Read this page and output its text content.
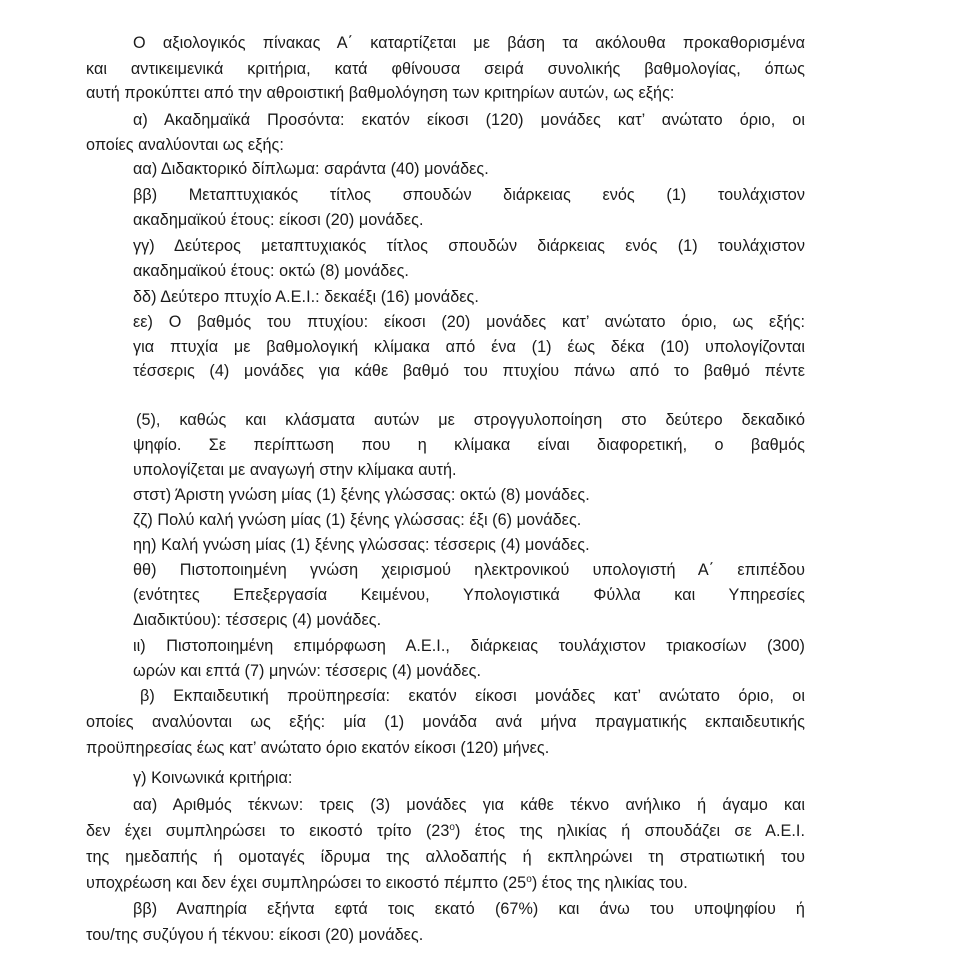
Ο αξιολογικός πίνακας Α΄ καταρτίζεται με βάση τα ακόλουθα προκαθορισμένα
και αντικειμενικά κριτήρια, κατά φθίνουσα σειρά συνολικής βαθμολογίας, όπως
αυτή προκύπτει από την αθροιστική βαθμολόγηση των κριτηρίων αυτών, ως εξής:
α) Ακαδημαϊκά Προσόντα: εκατόν είκοσι (120) μονάδες κατ’ ανώτατο όριο, οι
οποίες αναλύονται ως εξής:
αα) Διδακτορικό δίπλωμα: σαράντα (40) μονάδες.
ββ) Μεταπτυχιακός τίτλος σπουδών διάρκειας ενός (1) τουλάχιστον
ακαδημαϊκού έτους: είκοσι (20) μονάδες.
γγ) Δεύτερος μεταπτυχιακός τίτλος σπουδών διάρκειας ενός (1) τουλάχιστον
ακαδημαϊκού έτους: οκτώ (8) μονάδες.
δδ) Δεύτερο πτυχίο Α.Ε.Ι.: δεκαέξι (16) μονάδες.
εε) Ο βαθμός του πτυχίου: είκοσι (20) μονάδες κατ’ ανώτατο όριο, ως εξής:
για πτυχία με βαθμολογική κλίμακα από ένα (1) έως δέκα (10) υπολογίζονται
τέσσερις (4) μονάδες για κάθε βαθμό του πτυχίου πάνω από το βαθμό πέντε
(5), καθώς και κλάσματα αυτών με στρογγυλοποίηση στο δεύτερο δεκαδικό
ψηφίο. Σε περίπτωση που η κλίμακα είναι διαφορετική, ο βαθμός
υπολογίζεται με αναγωγή στην κλίμακα αυτή.
στστ) Άριστη γνώση μίας (1) ξένης γλώσσας: οκτώ (8) μονάδες.
ζζ) Πολύ καλή γνώση μίας (1) ξένης γλώσσας: έξι (6) μονάδες.
ηη) Καλή γνώση μίας (1) ξένης γλώσσας: τέσσερις (4) μονάδες.
θθ) Πιστοποιημένη γνώση χειρισμού ηλεκτρονικού υπολογιστή Α΄ επιπέδου
(ενότητες Επεξεργασία Κειμένου, Υπολογιστικά Φύλλα και Υπηρεσίες
Διαδικτύου): τέσσερις (4) μονάδες.
ιι) Πιστοποιημένη επιμόρφωση Α.Ε.Ι., διάρκειας τουλάχιστον τριακοσίων (300)
ωρών και επτά (7) μηνών: τέσσερις (4) μονάδες.
β) Εκπαιδευτική προϋπηρεσία: εκατόν είκοσι μονάδες κατ’ ανώτατο όριο, οι
οποίες αναλύονται ως εξής: μία (1) μονάδα ανά μήνα πραγματικής εκπαιδευτικής
προϋπηρεσίας έως κατ’ ανώτατο όριο εκατόν είκοσι (120) μήνες.
γ) Κοινωνικά κριτήρια:
αα) Αριθμός τέκνων: τρεις (3) μονάδες για κάθε τέκνο ανήλικο ή άγαμο και
δεν έχει συμπληρώσει το εικοστό τρίτο $(23^o)$ έτος της ηλικίας ή σπουδάζει σε Α.Ε.Ι.
της ημεδαπής ή ομοταγές ίδρυμα της αλλοδαπής ή εκπληρώνει τη στρατιωτική του
υποχρέωση και δεν έχει συμπληρώσει το εικοστό πέμπτο $(25^o)$ έτος της ηλικίας του.
ββ) Αναπηρία εξήντα εφτά τοις εκατό (67%) και άνω του υποψηφίου ή
του/της συζύγου ή τέκνου: είκοσι (20) μονάδες.
